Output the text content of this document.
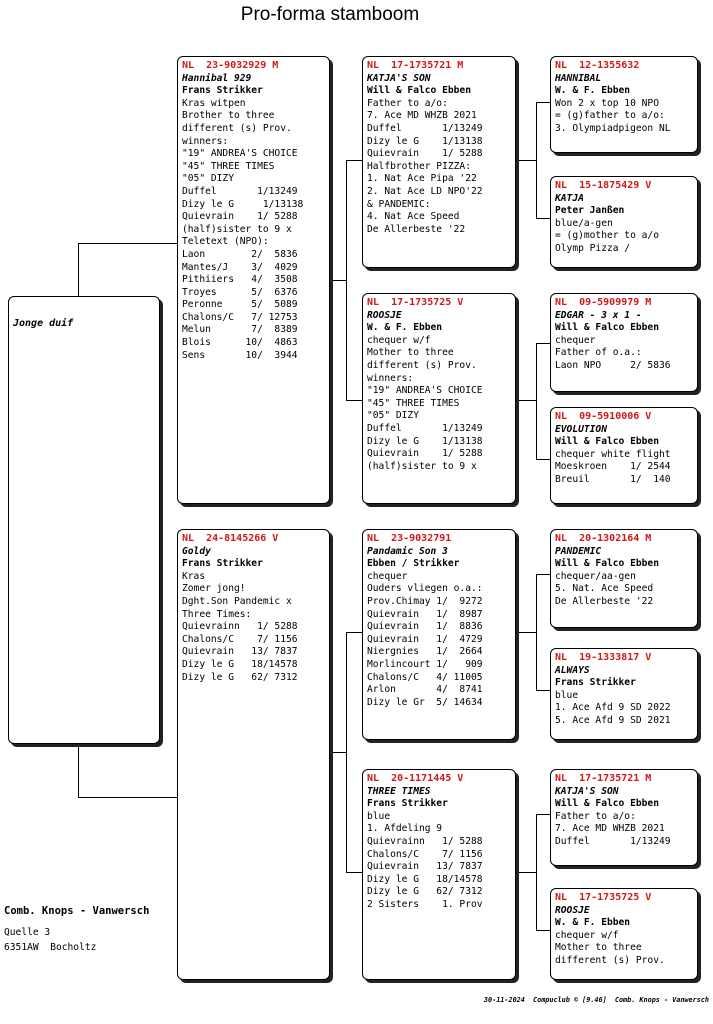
Pro-forma stamboom
Jonge duif
NL  23-9032929 M
Hannibal 929
Frans Strikker
Kras witpen
Brother to three
different (s) Prov.
winners:
"19" ANDREA'S CHOICE
"45" THREE TIMES
"05" DIZY
Duffel       1/13249
Dizy le G     1/13138
Quievrain    1/ 5288
(half)sister to 9 x
Teletext (NPO):
Laon        2/  5836
Mantes/J    3/  4029
Pithiiers   4/  3508
Troyes      5/  6376
Peronne     5/  5089
Chalons/C   7/ 12753
Melun       7/  8389
Blois      10/  4863
Sens       10/  3944
NL  24-8145266 V
Goldy
Frans Strikker
Kras
Zomer jong!
Dght.Son Pandemic x
Three Times:
Quievrainn   1/ 5288
Chalons/C    7/ 1156
Quievrain   13/ 7837
Dizy le G   18/14578
Dizy le G   62/ 7312
NL  17-1735721 M
KATJA'S SON
Will & Falco Ebben
Father to a/o:
7. Ace MD WHZB 2021
Duffel       1/13249
Dizy le G    1/13138
Quievrain    1/ 5288
Halfbrother PIZZA:
1. Nat Ace Pipa '22
2. Nat Ace LD NPO'22
& PANDEMIC:
4. Nat Ace Speed
De Allerbeste '22
NL  17-1735725 V
ROOSJE
W. & F. Ebben
chequer w/f
Mother to three
different (s) Prov.
winners:
"19" ANDREA'S CHOICE
"45" THREE TIMES
"05" DIZY
Duffel       1/13249
Dizy le G    1/13138
Quievrain    1/ 5288
(half)sister to 9 x
NL  23-9032791
Pandamic Son 3
Ebben / Strikker
chequer
Ouders vliegen o.a.:
Prov.Chimay 1/  9272
Quievrain   1/  8987
Quievrain   1/  8836
Quievrain   1/  4729
Niergnies   1/  2664
Morlincourt 1/   909
Chalons/C   4/ 11005
Arlon       4/  8741
Dizy le Gr  5/ 14634
NL  20-1171445 V
THREE TIMES
Frans Strikker
blue
1. Afdeling 9
Quievrainn   1/ 5288
Chalons/C    7/ 1156
Quievrain   13/ 7837
Dizy le G   18/14578
Dizy le G   62/ 7312
2 Sisters    1. Prov
NL  12-1355632
HANNIBAL
W. & F. Ebben
Won 2 x top 10 NPO
= (g)father to a/o:
3. Olympiadpigeon NL
NL  15-1875429 V
KATJA
Peter Janßen
blue/a-gen
= (g)mother to a/o
Olymp Pizza /
NL  09-5909979 M
EDGAR - 3 x 1 -
Will & Falco Ebben
chequer
Father of o.a.:
Laon NPO     2/ 5836
NL  09-5910006 V
EVOLUTION
Will & Falco Ebben
chequer white flight
Moeskroen    1/ 2544
Breuil       1/  140
NL  20-1302164 M
PANDEMIC
Will & Falco Ebben
chequer/aa-gen
5. Nat. Ace Speed
De Allerbeste '22
NL  19-1333817 V
ALWAYS
Frans Strikker
blue
1. Ace Afd 9 SD 2022
5. Ace Afd 9 SD 2021
NL  17-1735721 M
KATJA'S SON
Will & Falco Ebben
Father to a/o:
7. Ace MD WHZB 2021
Duffel       1/13249
NL  17-1735725 V
ROOSJE
W. & F. Ebben
chequer w/f
Mother to three
different (s) Prov.
Comb. Knops - Vanwersch
Quelle 3
6351AW  Bocholtz
30-11-2024  Compuclub © [9.46]  Comb. Knops - Vanwersch
